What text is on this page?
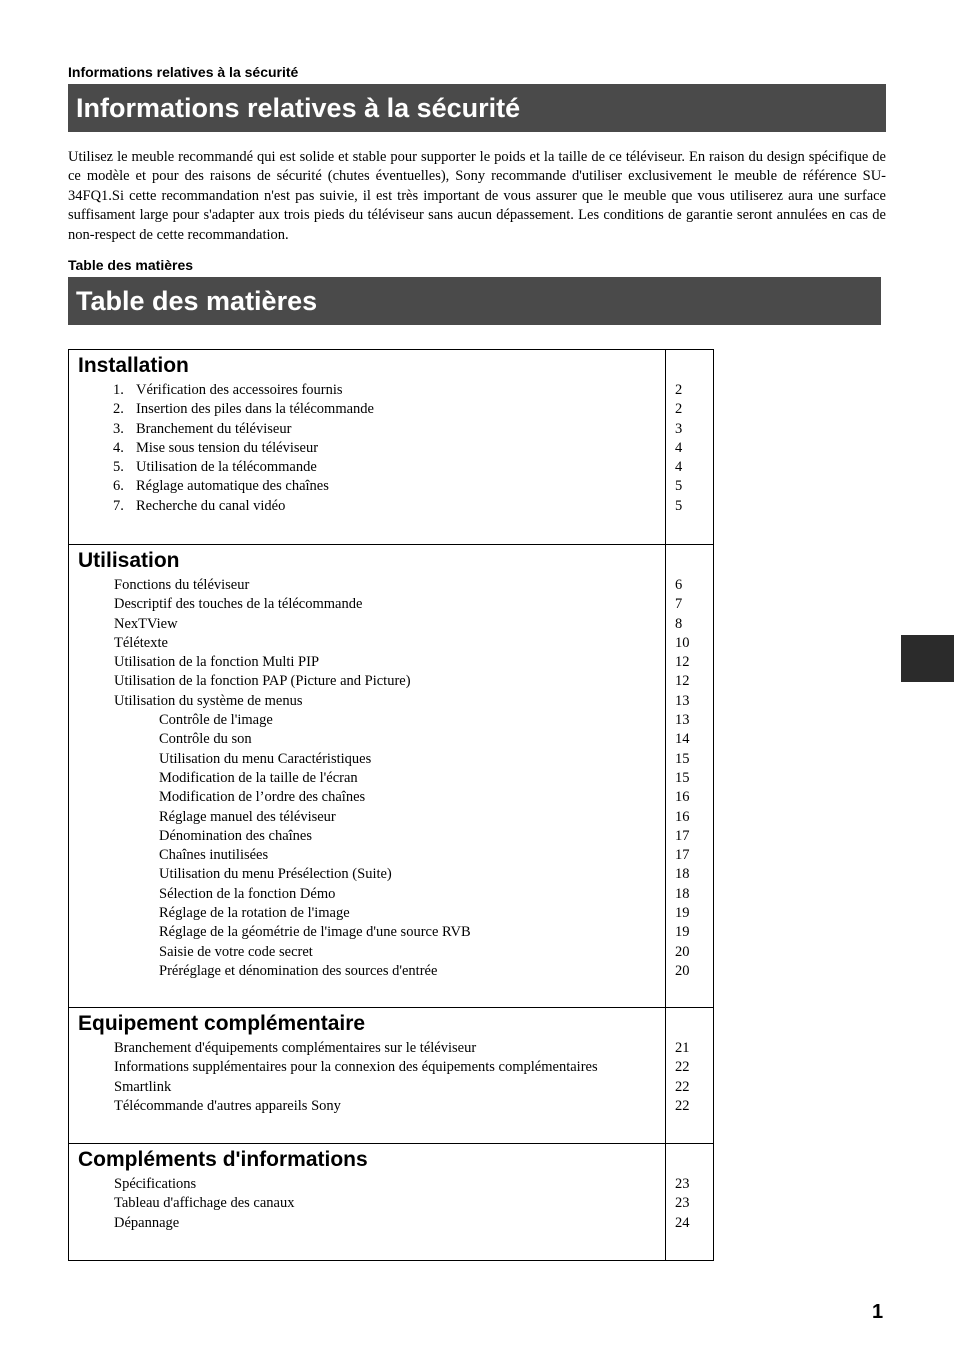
Informations relatives à la sécurité
Informations relatives à la sécurité

Utilisez le meuble recommandé qui est solide et stable pour supporter le poids et la taille de ce téléviseur. En raison du design spécifique de ce modèle et pour des raisons de sécurité (chutes éventuelles), Sony recommande d'utiliser exclusivement le meuble de référence SU-34FQ1.Si cette recommandation n'est pas suivie, il est très important de vous assurer que le meuble que vous utiliserez aura une surface suffisament large pour s'adapter aux trois pieds du téléviseur sans aucun dépassement. Les conditions de garantie seront annulées en cas de non-respect de cette recommandation.

Table des matières
Table des matières
Installation
1. Vérification des accessoires fournis	2
2. Insertion des piles dans la télécommande	2
3. Branchement du téléviseur	3
4. Mise sous tension du téléviseur	4
5. Utilisation de la télécommande	4
6. Réglage automatique des chaînes	5
7. Recherche du canal vidéo	5
Utilisation
Fonctions du téléviseur	6
Descriptif des touches de la télécommande	7
NexTView	8
Télétexte	10
Utilisation de la fonction Multi PIP	12
Utilisation de la fonction PAP (Picture and Picture)	12
Utilisation du système de menus	13
Contrôle de l'image	13
Contrôle du son	14
Utilisation du menu Caractéristiques	15
Modification de la taille de l'écran	15
Modification de l’ordre des chaînes	16
Réglage manuel des téléviseur	16
Dénomination des chaînes	17
Chaînes inutilisées	17
Utilisation du menu Présélection (Suite)	18
Sélection de la fonction Démo	18
Réglage de la rotation de l'image	19
Réglage de la géométrie de l'image d'une source RVB	19
Saisie de votre code secret	20
Préréglage et dénomination des sources d'entrée	20
Equipement complémentaire
Branchement d'équipements complémentaires sur le téléviseur	21
Informations supplémentaires pour la connexion des équipements complémentaires	22
Smartlink	22
Télécommande d'autres appareils Sony	22
Compléments d'informations
Spécifications	23
Tableau d'affichage des canaux	23
Dépannage	24
1
